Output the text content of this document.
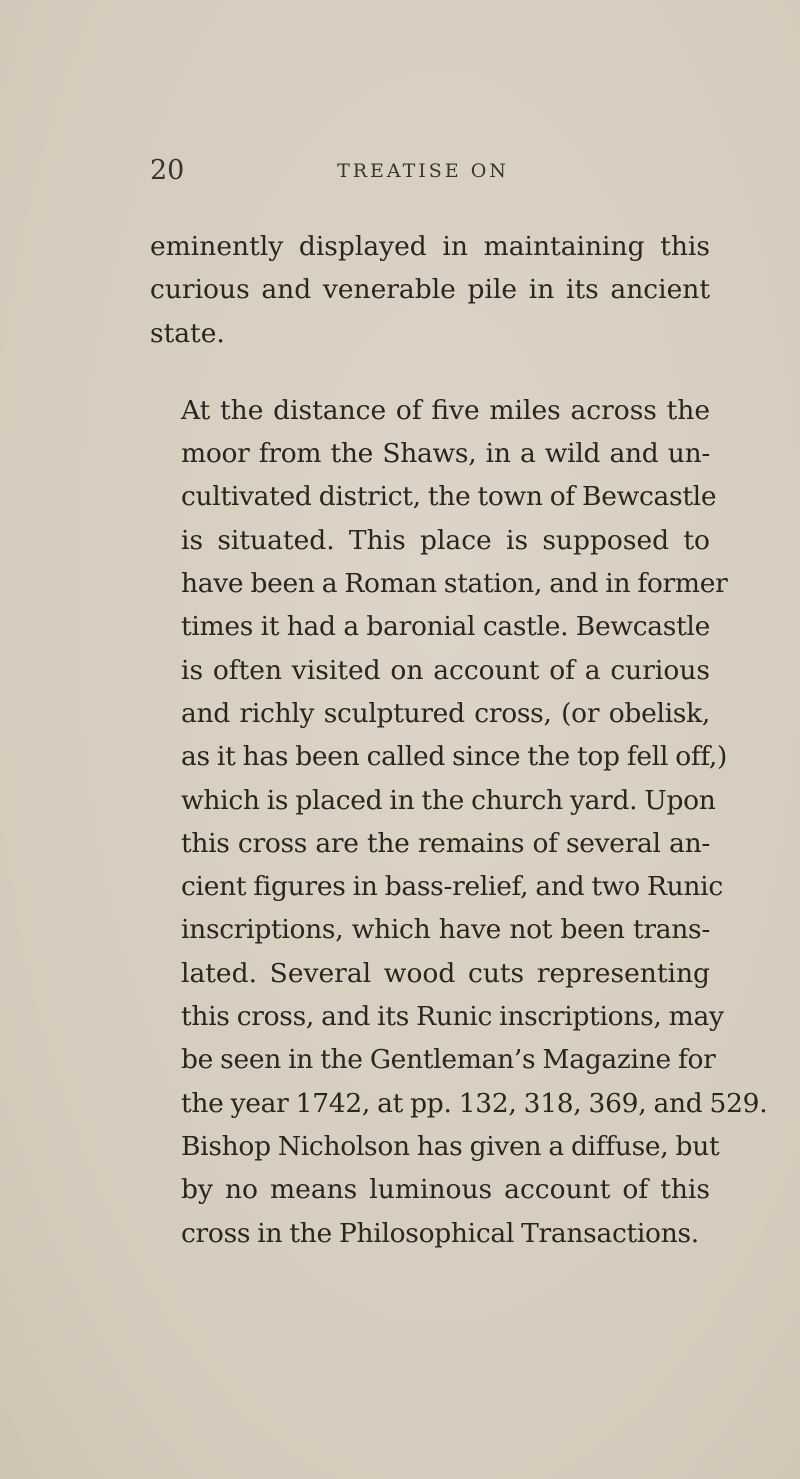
20	TREATISE ON

eminently displayed in maintaining this
curious and venerable pile in its ancient
state.

At the distance of five miles across the
moor from the Shaws, in a wild and un-
cultivated district, the town of Bewcastle
is situated. This place is supposed to
have been a Roman station, and in former
times it had a baronial castle. Bewcastle
is often visited on account of a curious
and richly sculptured cross, (or obelisk,
as it has been called since the top fell off,)
which is placed in the church yard. Upon
this cross are the remains of several an-
cient figures in bass-relief, and two Runic
inscriptions, which have not been trans-
lated. Several wood cuts representing
this cross, and its Runic inscriptions, may
be seen in the Gentleman’s Magazine for
the year 1742, at pp. 132, 318, 369, and 529.
Bishop Nicholson has given a diffuse, but
by no means luminous account of this
cross in the Philosophical Transactions.
